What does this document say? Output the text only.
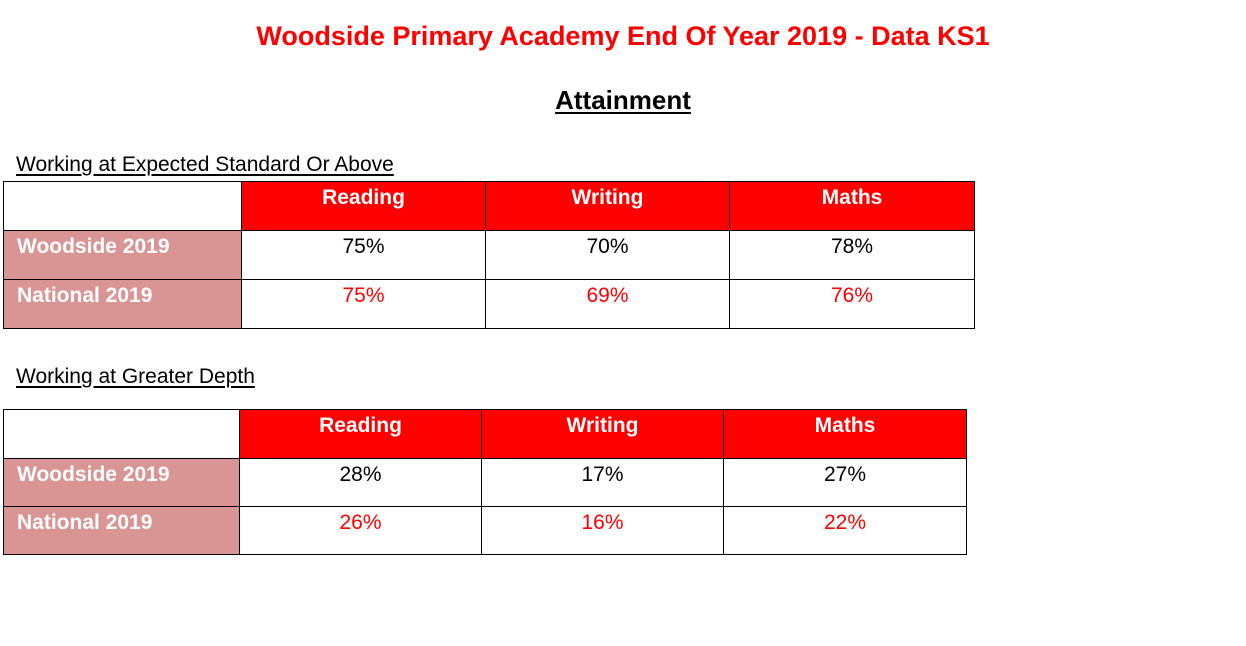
Woodside Primary Academy End Of Year 2019 - Data KS1
Attainment

Working at Expected Standard Or Above

	Reading	Writing	Maths
Woodside 2019	75%	70%	78%
National 2019	75%	69%	76%

Working at Greater Depth

	Reading	Writing	Maths
Woodside 2019	28%	17%	27%
National 2019	26%	16%	22%
